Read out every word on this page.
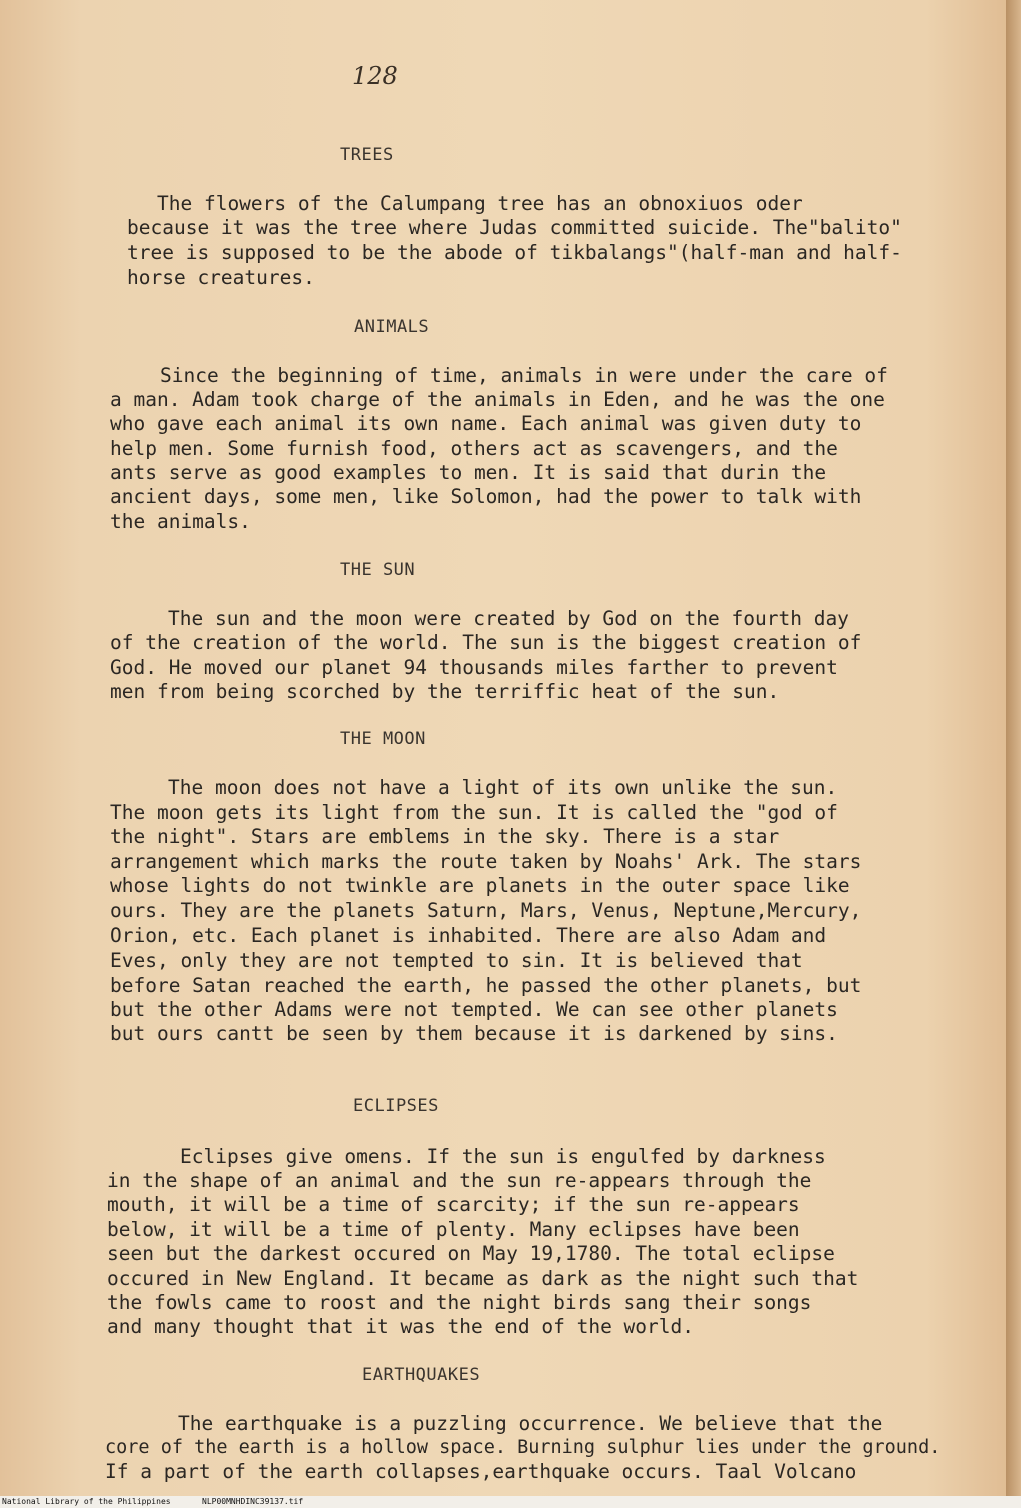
128
TREES
The flowers of the Calumpang tree has an obnoxiuos oder
because it was the tree where Judas committed suicide. The"balito"
tree is supposed to be the abode of tikbalangs"(half-man and half-
horse creatures.
ANIMALS
Since the beginning of time, animals in were under the care of
a man. Adam took charge of the animals in Eden, and he was the one
who gave each animal its own name. Each animal was given duty to
help men. Some furnish food, others act as scavengers, and the
ants serve as good examples to men. It is said that durin the
ancient days, some men, like Solomon, had the power to talk with
the animals.
THE SUN
The sun and the moon were created by God on the fourth day
of the creation of the world. The sun is the biggest creation of
God. He moved our planet 94 thousands miles farther to prevent
men from being scorched by the terriffic heat of the sun.
THE MOON
The moon does not have a light of its own unlike the sun.
The moon gets its light from the sun. It is called the "god of
the night". Stars are emblems in the sky. There is a star
arrangement which marks the route taken by Noahs' Ark. The stars
whose lights do not twinkle are planets in the outer space like
ours. They are the planets Saturn, Mars, Venus, Neptune,Mercury,
Orion, etc. Each planet is inhabited. There are also Adam and
Eves, only they are not tempted to sin. It is believed that
before Satan reached the earth, he passed the other planets, but
but the other Adams were not tempted. We can see other planets
but ours cantt be seen by them because it is darkened by sins.
ECLIPSES
Eclipses give omens. If the sun is engulfed by darkness
in the shape of an animal and the sun re-appears through the
mouth, it will be a time of scarcity; if the sun re-appears
below, it will be a time of plenty. Many eclipses have been
seen but the darkest occured on May 19,1780. The total eclipse
occured in New England. It became as dark as the night such that
the fowls came to roost and the night birds sang their songs
and many thought that it was the end of the world.
EARTHQUAKES
The earthquake is a puzzling occurrence. We believe that the
core of the earth is a hollow space. Burning sulphur lies under the ground.
If a part of the earth collapses,earthquake occurs. Taal Volcano
National Library of the Philippines	NLP00MNHDINC39137.tif
